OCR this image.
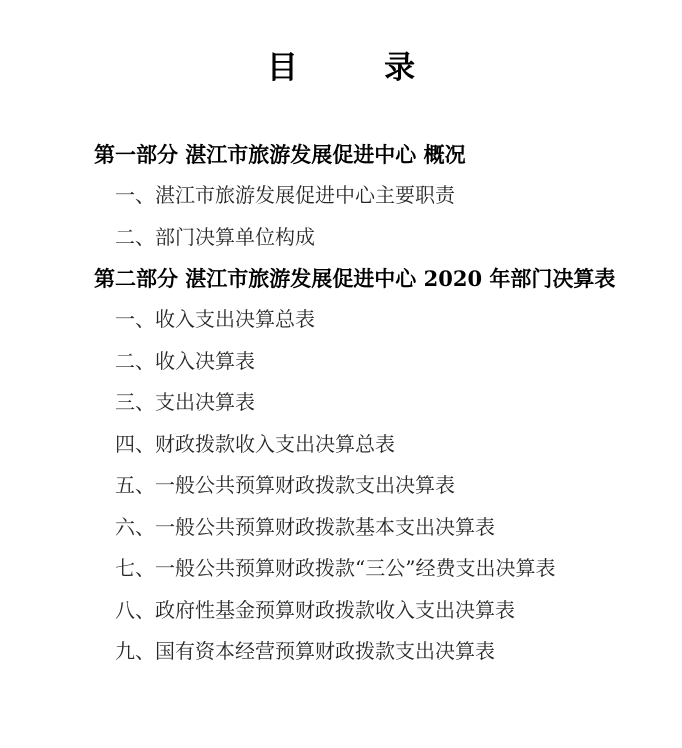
目        录
第一部分 湛江市旅游发展促进中心 概况
一、湛江市旅游发展促进中心主要职责
二、部门决算单位构成
第二部分 湛江市旅游发展促进中心 2020 年部门决算表
一、收入支出决算总表
二、收入决算表
三、支出决算表
四、财政拨款收入支出决算总表
五、一般公共预算财政拨款支出决算表
六、一般公共预算财政拨款基本支出决算表
七、一般公共预算财政拨款“三公”经费支出决算表
八、政府性基金预算财政拨款收入支出决算表
九、国有资本经营预算财政拨款支出决算表
